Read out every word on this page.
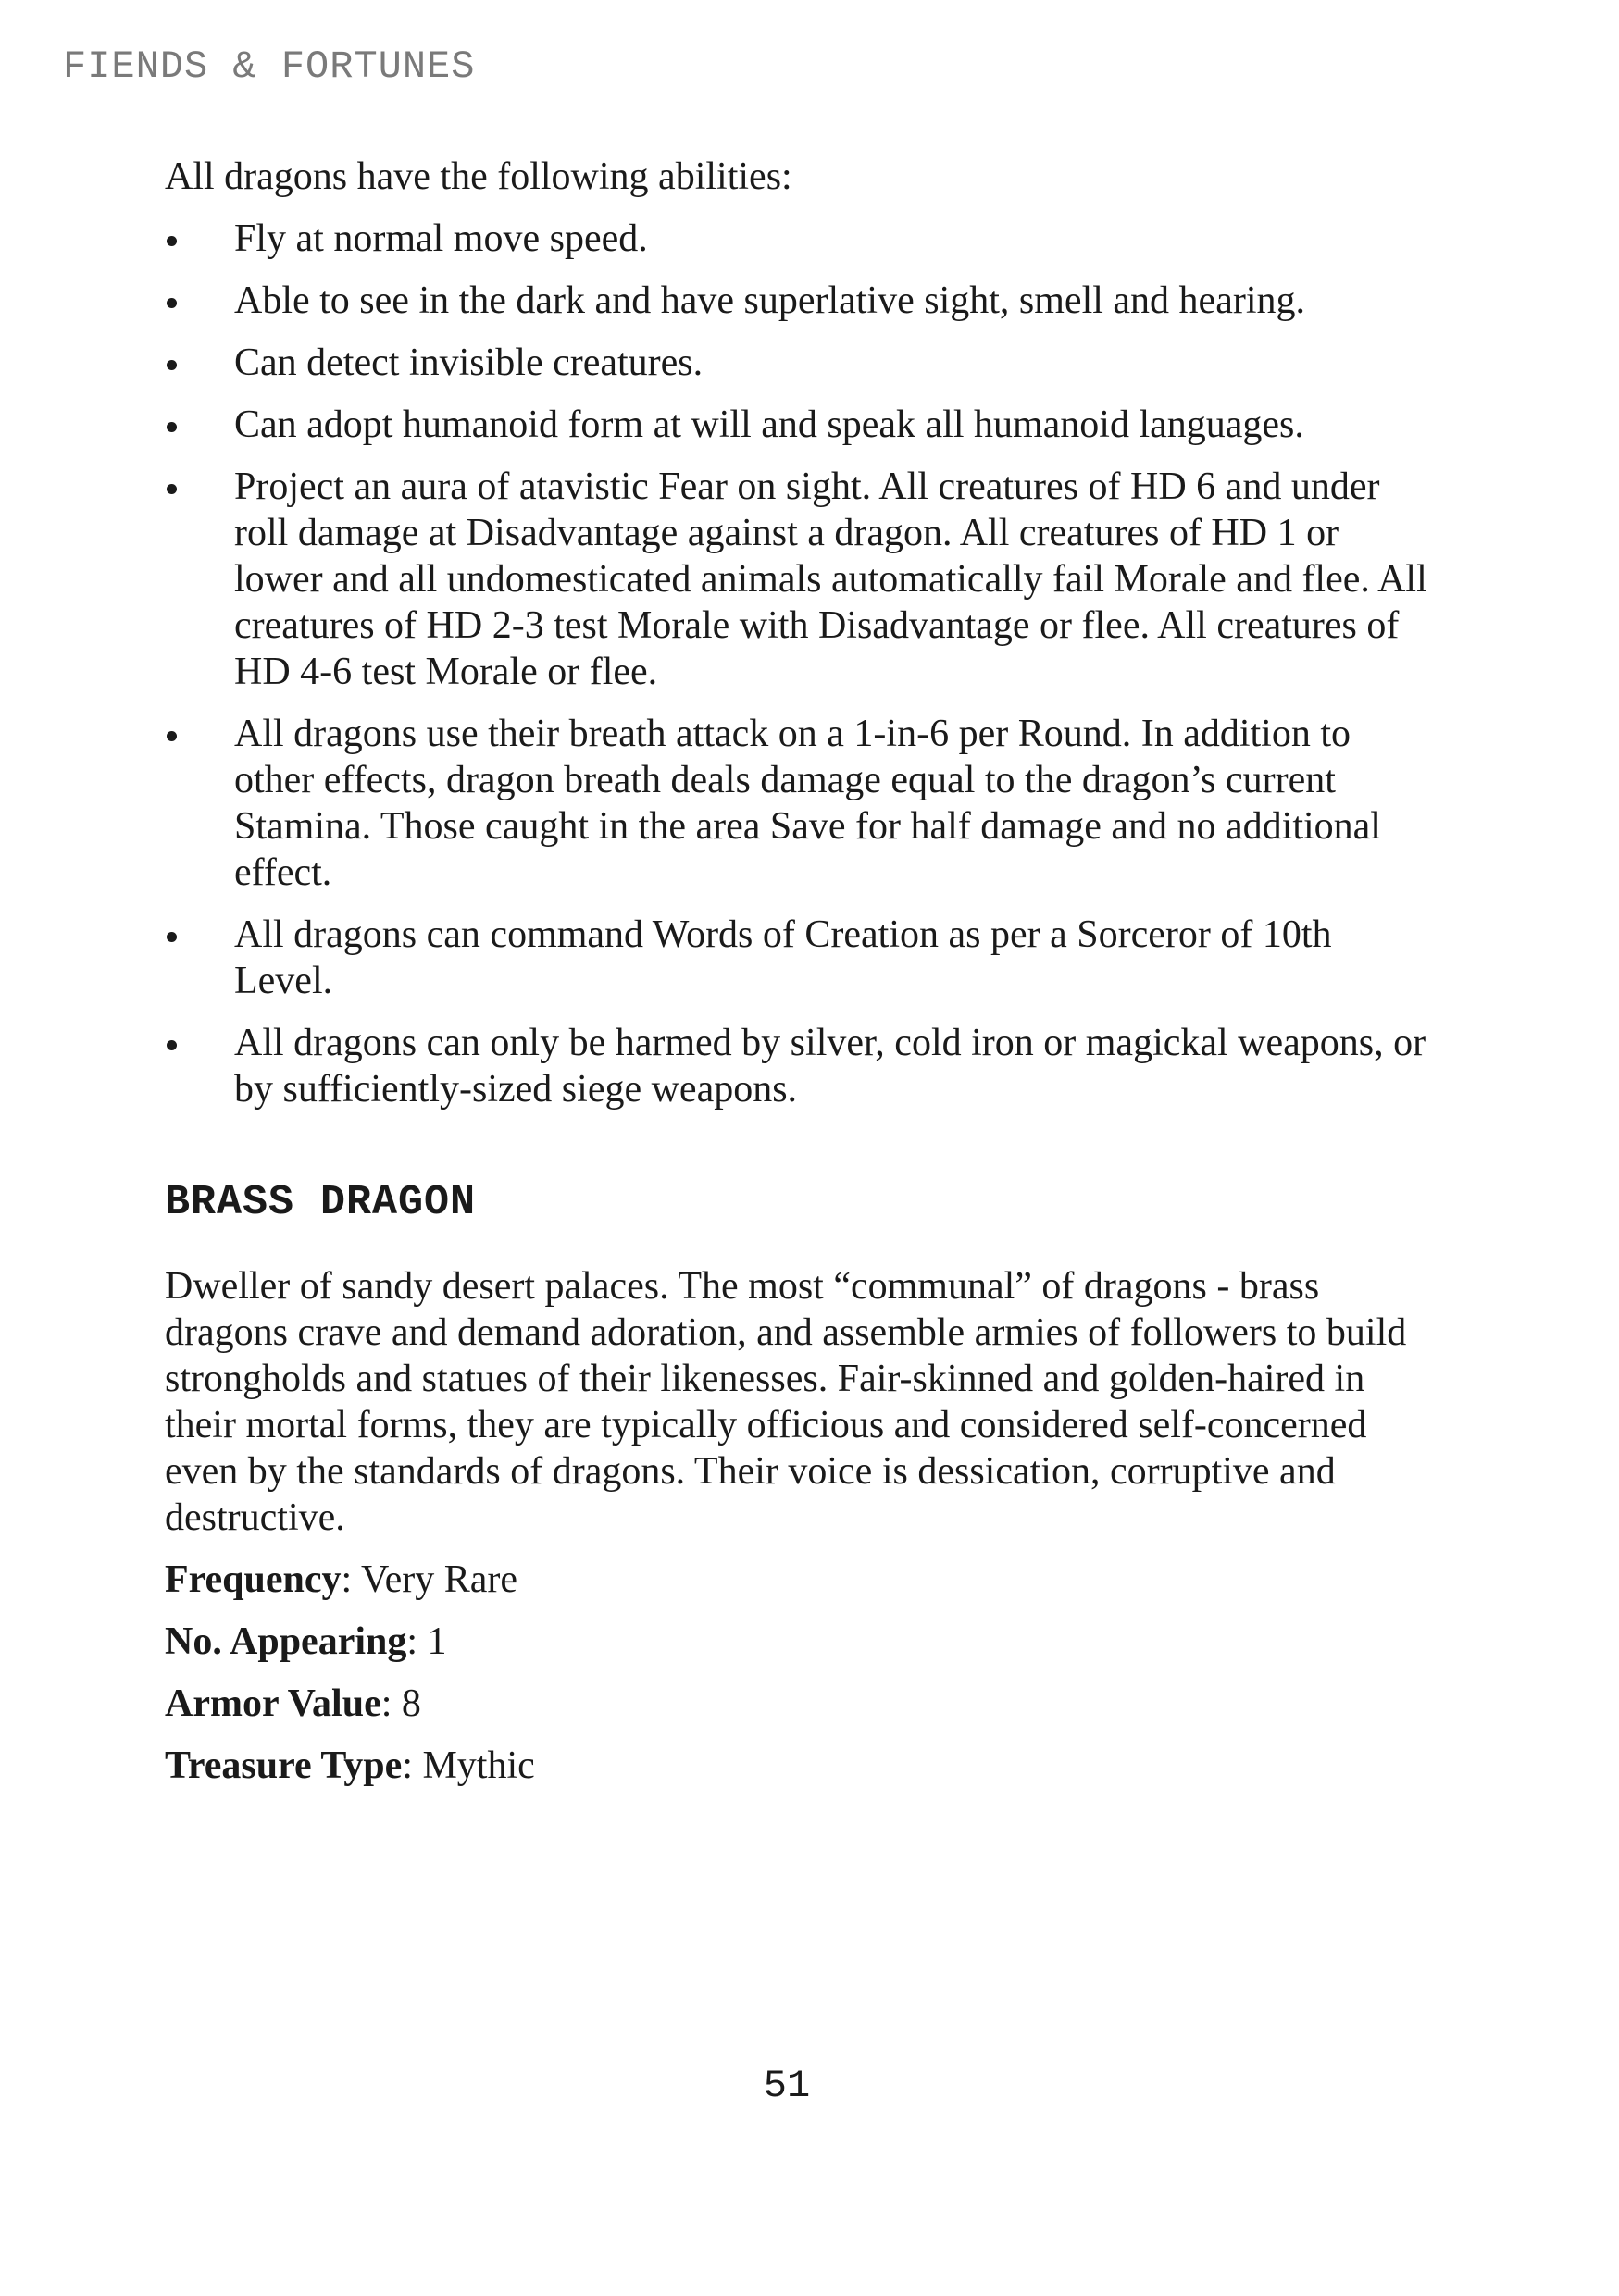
FIENDS & FORTUNES

All dragons have the following abilities:

Fly at normal move speed.
Able to see in the dark and have superlative sight, smell and hearing.
Can detect invisible creatures.
Can adopt humanoid form at will and speak all humanoid languages.
Project an aura of atavistic Fear on sight. All creatures of HD 6 and under roll damage at Disadvantage against a dragon. All creatures of HD 1 or lower and all undomesticated animals automatically fail Morale and flee. All creatures of HD 2-3 test Morale with Disadvantage or flee. All creatures of HD 4-6 test Morale or flee.
All dragons use their breath attack on a 1-in-6 per Round. In addition to other effects, dragon breath deals damage equal to the dragon’s current Stamina. Those caught in the area Save for half damage and no additional effect.
All dragons can command Words of Creation as per a Sorceror of 10th Level.
All dragons can only be harmed by silver, cold iron or magickal weapons, or by sufficiently-sized siege weapons.
BRASS DRAGON

Dweller of sandy desert palaces. The most “communal” of dragons - brass dragons crave and demand adoration, and assemble armies of followers to build strongholds and statues of their likenesses. Fair-skinned and golden-haired in their mortal forms, they are typically officious and considered self-concerned even by the standards of dragons. Their voice is dessication, corruptive and destructive.

Frequency: Very Rare

No. Appearing: 1

Armor Value: 8

Treasure Type: Mythic

51
